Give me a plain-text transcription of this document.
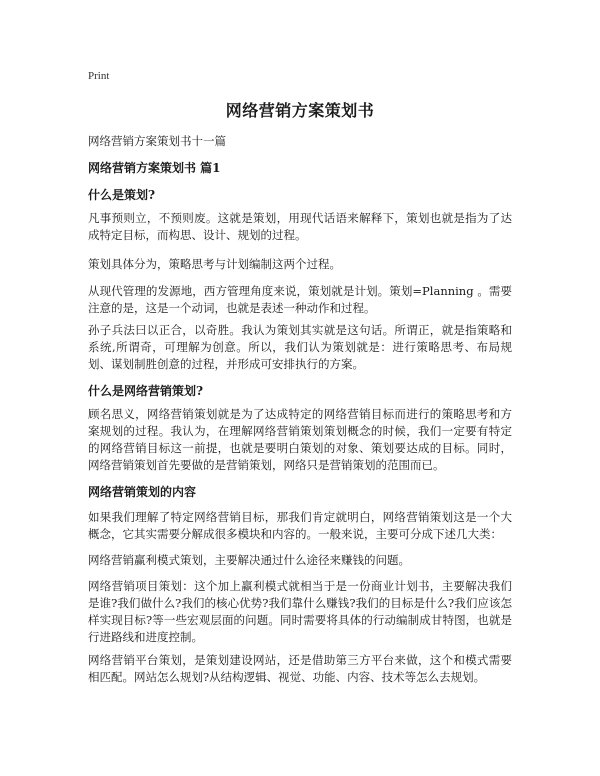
Print
网络营销方案策划书
网络营销方案策划书十一篇
网络营销方案策划书 篇1
什么是策划?
凡事预则立，不预则废。这就是策划，用现代话语来解释下，策划也就是指为了达成特定目标，而构思、设计、规划的过程。
策划具体分为，策略思考与计划编制这两个过程。
从现代管理的发源地，西方管理角度来说，策划就是计划。策划=Planning 。需要注意的是，这是一个动词，也就是表述一种动作和过程。
孙子兵法曰以正合，以奇胜。我认为策划其实就是这句话。所谓正，就是指策略和系统,所谓奇，可理解为创意。所以，我们认为策划就是：进行策略思考、布局规划、谋划制胜创意的过程，并形成可安排执行的方案。
什么是网络营销策划?
顾名思义，网络营销策划就是为了达成特定的网络营销目标而进行的策略思考和方案规划的过程。我认为，在理解网络营销策划策划概念的时候，我们一定要有特定的网络营销目标这一前提，也就是要明白策划的对象、策划要达成的目标。同时，网络营销策划首先要做的是营销策划，网络只是营销策划的范围而已。
网络营销策划的内容
如果我们理解了特定网络营销目标，那我们肯定就明白，网络营销策划这是一个大概念，它其实需要分解成很多模块和内容的。一般来说，主要可分成下述几大类：
网络营销赢利模式策划，主要解决通过什么途径来赚钱的问题。
网络营销项目策划：这个加上赢利模式就相当于是一份商业计划书，主要解决我们是谁?我们做什么?我们的核心优势?我们靠什么赚钱?我们的目标是什么?我们应该怎样实现目标?等一些宏观层面的问题。同时需要将具体的行动编制成甘特图，也就是行进路线和进度控制。
网络营销平台策划，是策划建设网站，还是借助第三方平台来做，这个和模式需要相匹配。网站怎么规划?从结构逻辑、视觉、功能、内容、技术等怎么去规划。
